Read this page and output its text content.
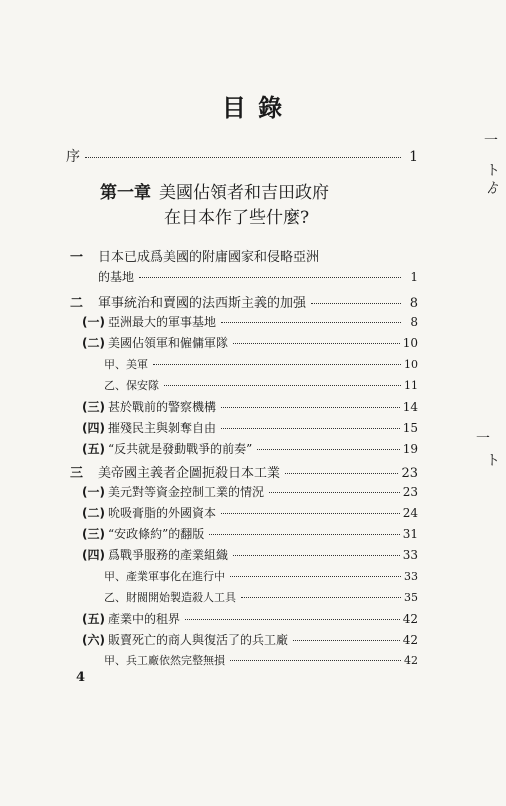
目 錄
序	1
第一章 美國佔領者和吉田政府
在日本作了些什麼?
一 日本已成爲美國的附庸國家和侵略亞洲
的基地	1
二	軍事統治和賣國的法西斯主義的加强	8
(一) 亞洲最大的軍事基地	8
(二) 美國佔領軍和僱傭軍隊	10
甲、美軍	10
乙、保安隊	11
(三) 甚於戰前的警察機構	14
(四) 摧殘民主與剝奪自由	15
(五) “反共就是發動戰爭的前奏”	19
三	美帝國主義者企圖扼殺日本工業	23
(一) 美元對等資金控制工業的情況	23
(二) 吮吸膏脂的外國資本	24
(三) “安政條約”的翻版	31
(四) 爲戰爭服務的產業組織	33
甲、產業軍事化在進行中	33
乙、財閥開始製造殺人工具	35
(五) 產業中的租界	42
(六) 販賣死亡的商人與復活了的兵工廠	42
甲、兵工廠依然完整無損	42
一
ト
ゟ
一
ト
4
